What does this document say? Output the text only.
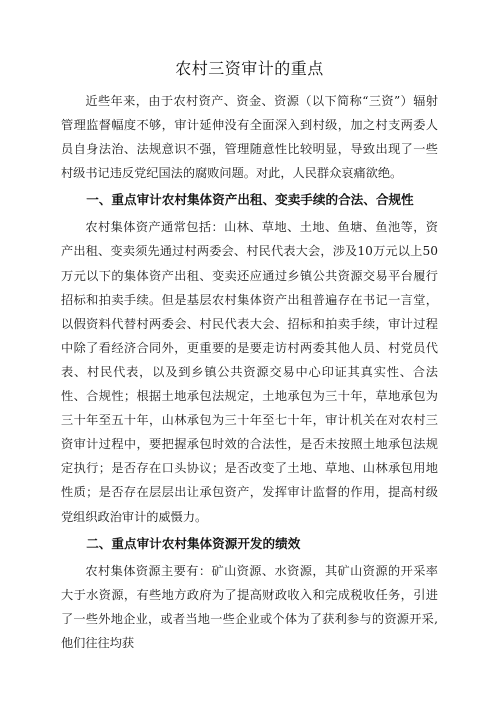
农村三资审计的重点

近些年来，由于农村资产、资金、资源（以下简称“三资”）辐射管理监督幅度不够，审计延伸没有全面深入到村级，加之村支两委人员自身法治、法规意识不强，管理随意性比较明显，导致出现了一些村级书记违反党纪国法的腐败问题。对此，人民群众哀痛欲绝。

一、重点审计农村集体资产出租、变卖手续的合法、合规性

农村集体资产通常包括：山林、草地、土地、鱼塘、鱼池等，资产出租、变卖须先通过村两委会、村民代表大会，涉及10万元以上50万元以下的集体资产出租、变卖还应通过乡镇公共资源交易平台履行招标和拍卖手续。但是基层农村集体资产出租普遍存在书记一言堂，以假资料代替村两委会、村民代表大会、招标和拍卖手续，审计过程中除了看经济合同外，更重要的是要走访村两委其他人员、村党员代表、村民代表，以及到乡镇公共资源交易中心印证其真实性、合法性、合规性；根据土地承包法规定，土地承包为三十年，草地承包为三十年至五十年，山林承包为三十年至七十年，审计机关在对农村三资审计过程中，要把握承包时效的合法性，是否未按照土地承包法规定执行；是否存在口头协议；是否改变了土地、草地、山林承包用地性质；是否存在层层出让承包资产，发挥审计监督的作用，提高村级党组织政治审计的威慑力。

二、重点审计农村集体资源开发的绩效

农村集体资源主要有：矿山资源、水资源，其矿山资源的开采率大于水资源，有些地方政府为了提高财政收入和完成税收任务，引进了一些外地企业，或者当地一些企业或个体为了获利参与的资源开采,他们往往均获
